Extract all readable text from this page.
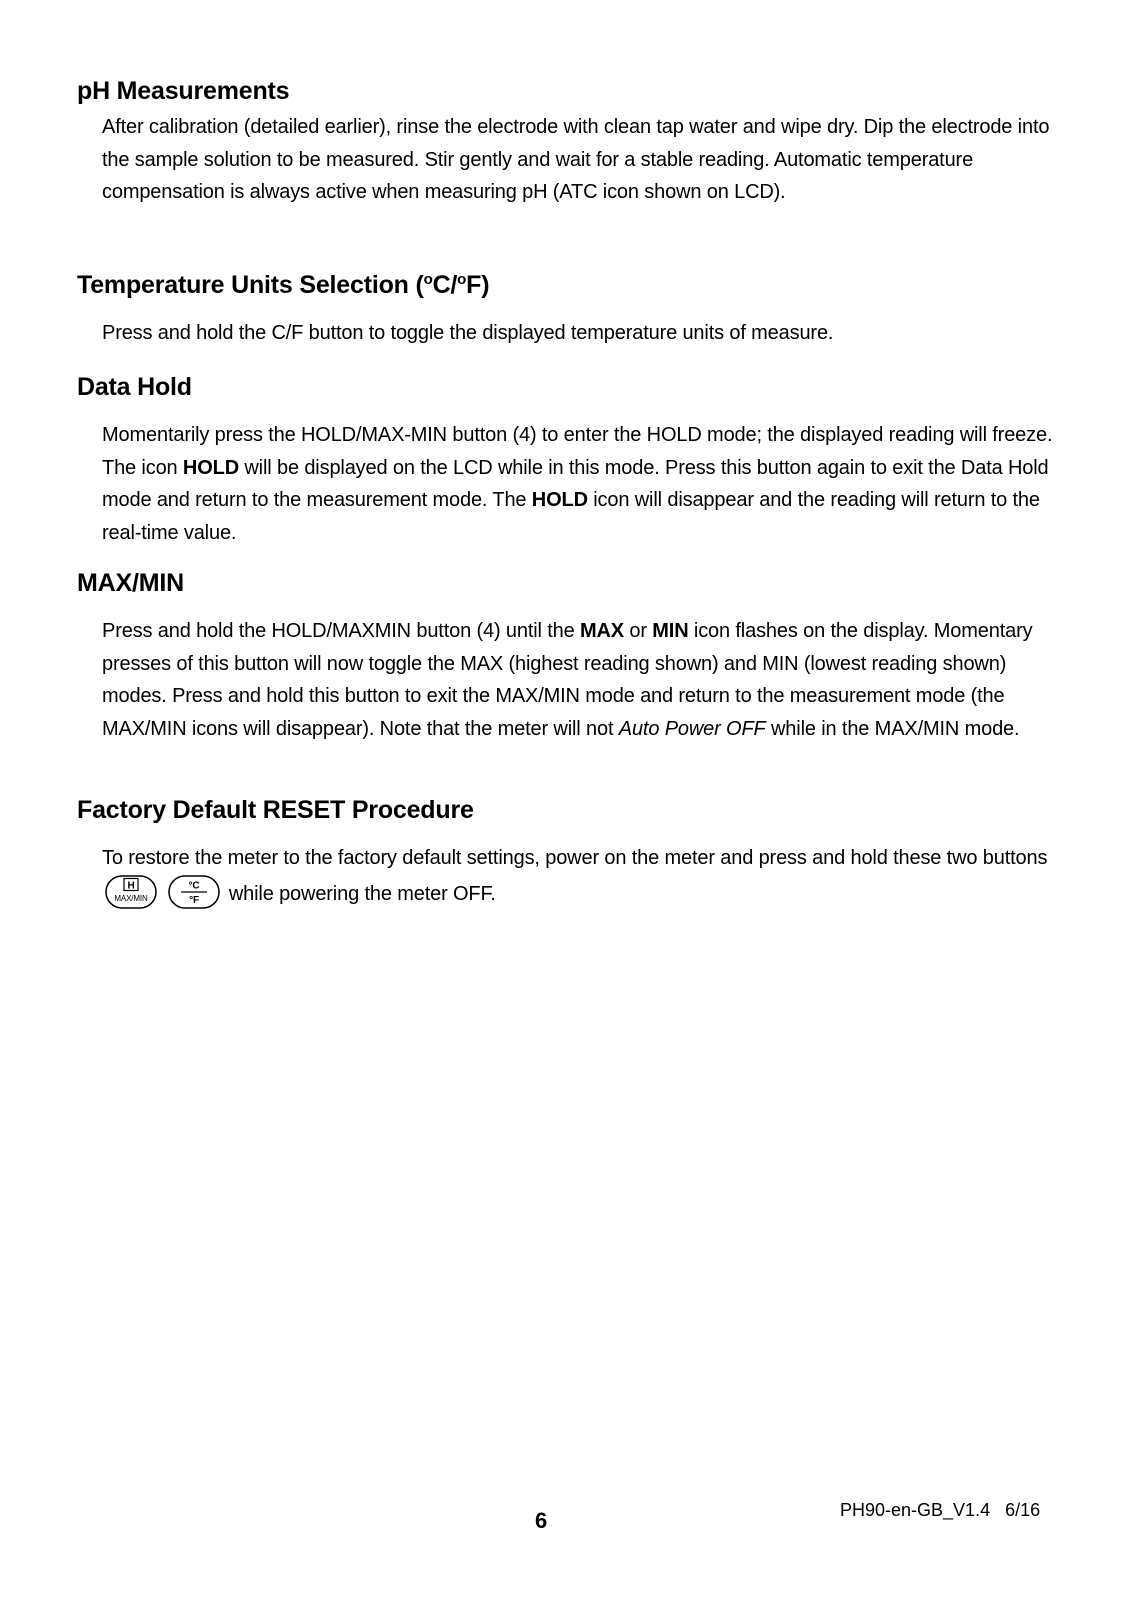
pH Measurements

After calibration (detailed earlier), rinse the electrode with clean tap water and wipe dry. Dip the electrode into the sample solution to be measured. Stir gently and wait for a stable reading. Automatic temperature compensation is always active when measuring pH (ATC icon shown on LCD).

Temperature Units Selection ($^o$C/$^o$F)

Press and hold the C/F button to toggle the displayed temperature units of measure.

Data Hold

Momentarily press the HOLD/MAX-MIN button (4) to enter the HOLD mode; the displayed reading will freeze. The icon HOLD will be displayed on the LCD while in this mode. Press this button again to exit the Data Hold mode and return to the measurement mode. The HOLD icon will disappear and the reading will return to the real-time value.

MAX/MIN

Press and hold the HOLD/MAXMIN button (4) until the MAX or MIN icon flashes on the display. Momentary presses of this button will now toggle the MAX (highest reading shown) and MIN (lowest reading shown) modes. Press and hold this button to exit the MAX/MIN mode and return to the measurement mode (the MAX/MIN icons will disappear). Note that the meter will not Auto Power OFF while in the MAX/MIN mode.

Factory Default RESET Procedure

To restore the meter to the factory default settings, power on the meter and press and hold these two buttons
H
MAX/MIN

°C
°F while powering the meter OFF.

6	PH90-en-GB_V1.4   6/16
